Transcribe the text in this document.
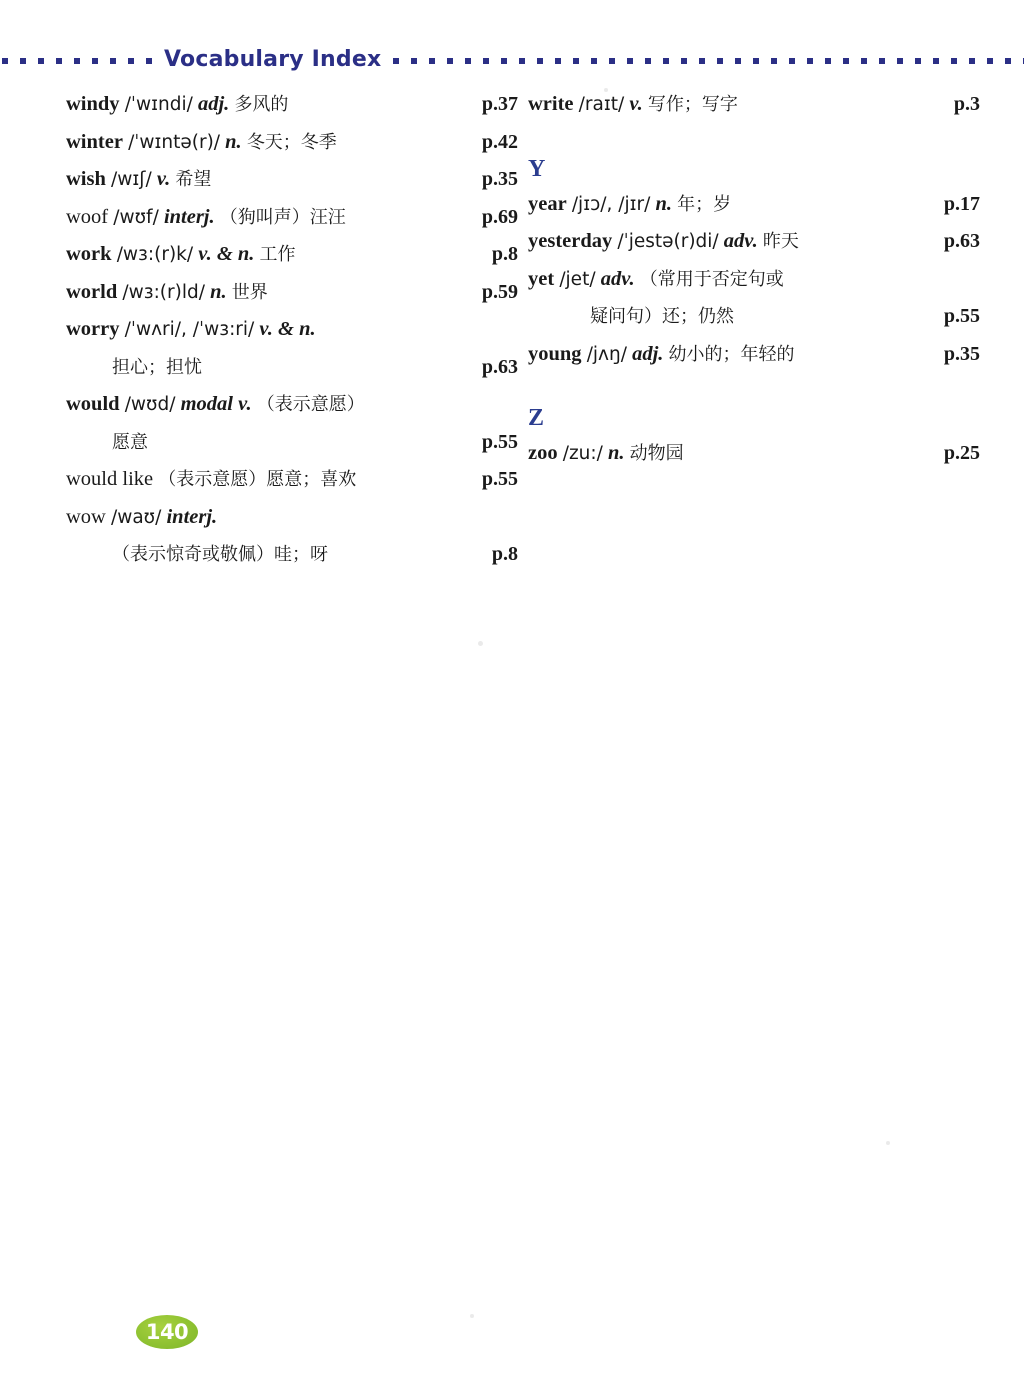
Vocabulary Index
windy /ˈwɪndi/ adj. 多风的	p.37
winter /ˈwɪntə(r)/ n. 冬天；冬季	p.42
wish /wɪʃ/ v. 希望	p.35
woof /wʊf/ interj. （狗叫声）汪汪	p.69
work /wɜ:(r)k/ v. & n. 工作	p.8
world /wɜ:(r)ld/ n. 世界	p.59
worry /ˈwʌri/, /ˈwɜ:ri/ v. & n.
担心；担忧	p.63
would /wʊd/ modal v. （表示意愿）
愿意	p.55
would like （表示意愿）愿意；喜欢	p.55
wow /waʊ/ interj.
（表示惊奇或敬佩）哇；呀	p.8
write /raɪt/ v. 写作；写字	p.3
Y
year /jɪɔ/, /jɪr/ n. 年；岁	p.17
yesterday /ˈjestə(r)di/ adv. 昨天	p.63
yet /jet/ adv. （常用于否定句或
疑问句）还；仍然	p.55
young /jʌŋ/ adj. 幼小的；年轻的	p.35
Z
zoo /zu:/ n. 动物园	p.25
140
